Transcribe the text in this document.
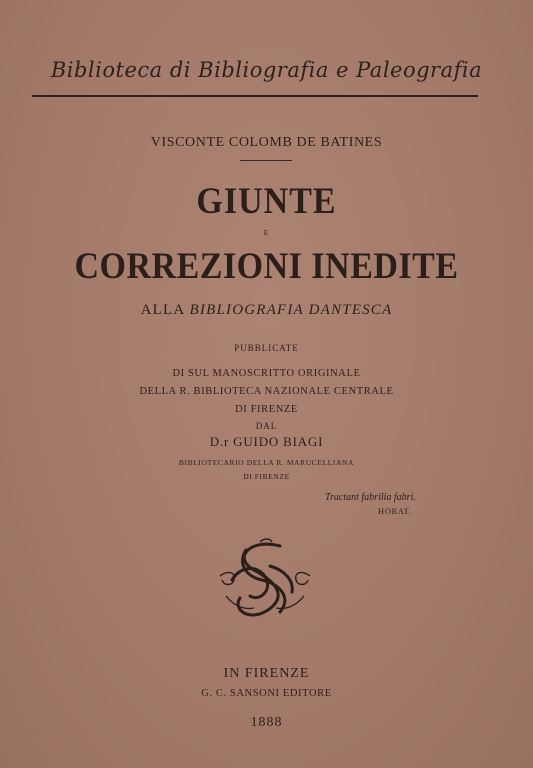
Biblioteca di Bibliografia e Paleografia
VISCONTE COLOMB DE BATINES
GIUNTE
E
CORREZIONI INEDITE
ALLA BIBLIOGRAFIA DANTESCA
PUBBLICATE
DI SUL MANOSCRITTO ORIGINALE
DELLA R. BIBLIOTECA NAZIONALE CENTRALE
DI FIRENZE
DAL
D.r GUIDO BIAGI
BIBLIOTECARIO DELLA R. MARUCELLIANA
DI FIRENZE
Tractant fabrilia fabri.
HORAT.
IN FIRENZE
G. C. SANSONI EDITORE
1888
